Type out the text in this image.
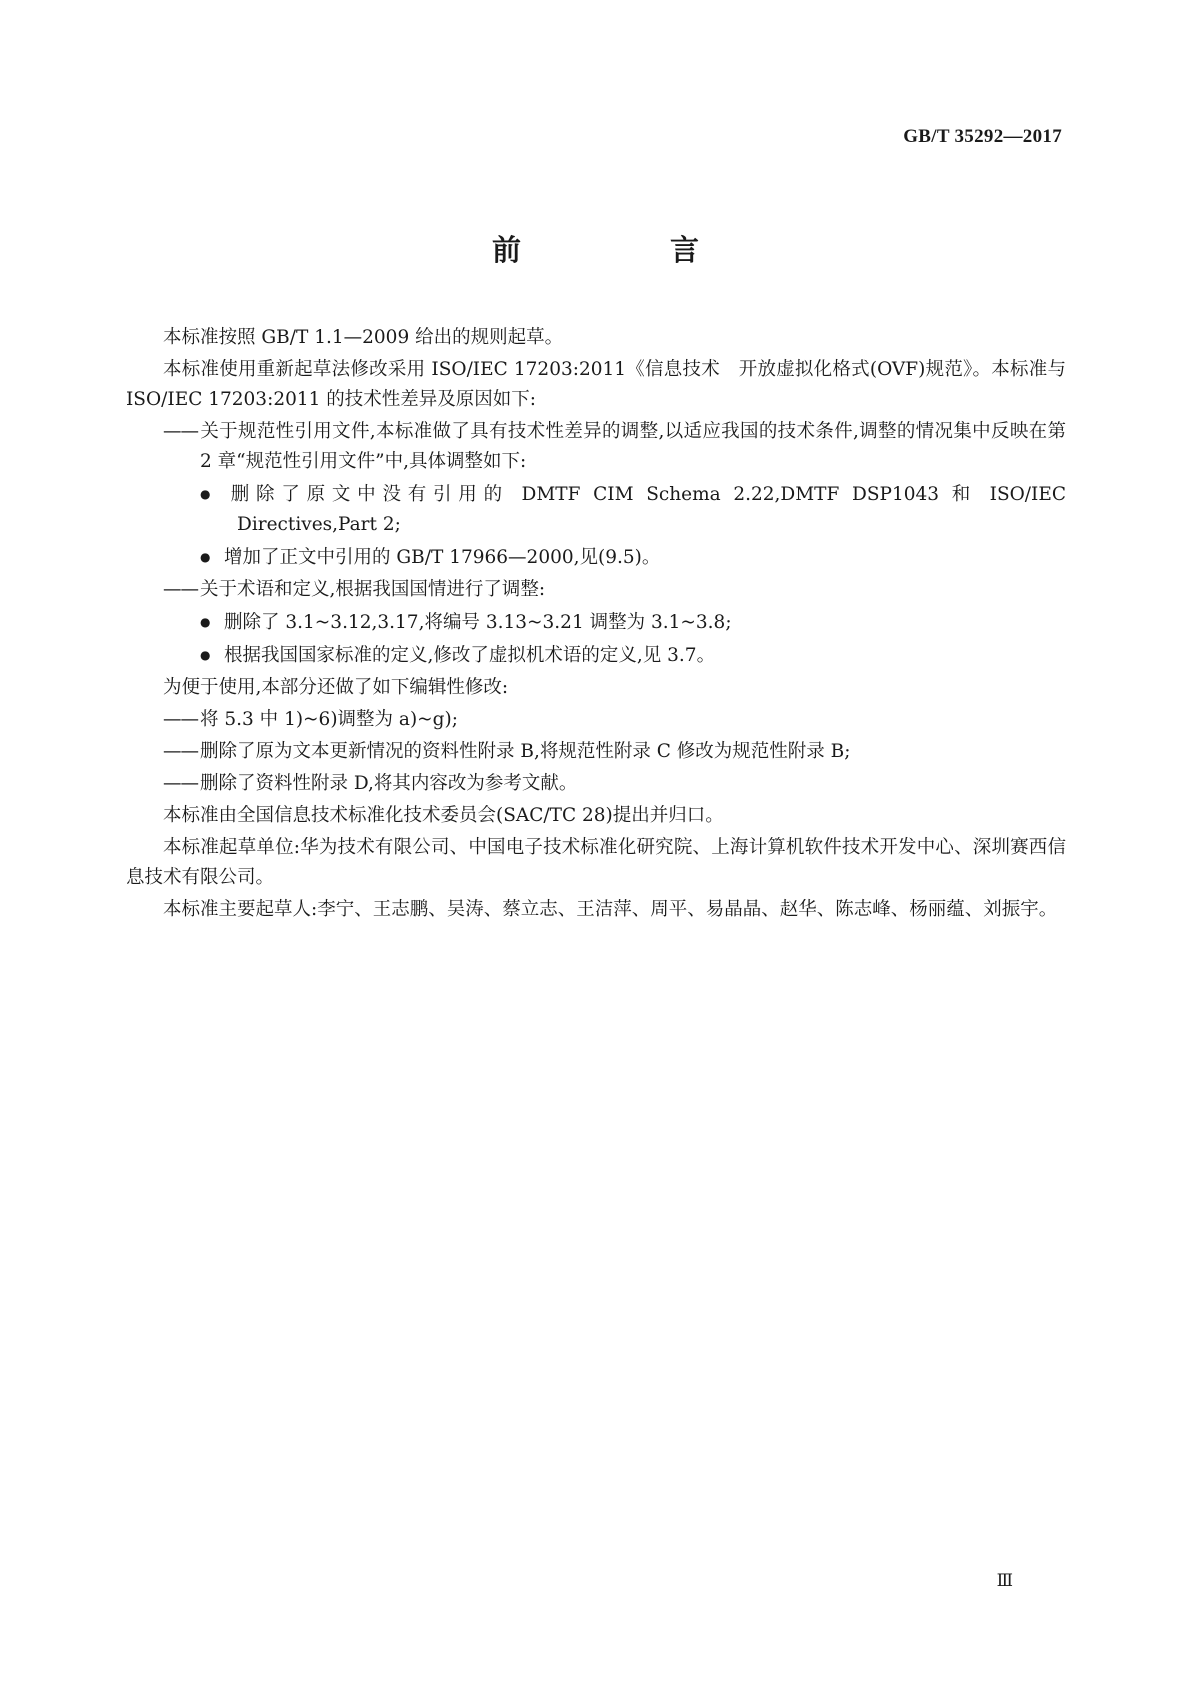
GB/T 35292—2017
前　言

本标准按照 GB/T 1.1—2009 给出的规则起草。

本标准使用重新起草法修改采用 ISO/IEC 17203:2011《信息技术　开放虚拟化格式(OVF)规范》。本标准与 ISO/IEC 17203:2011 的技术性差异及原因如下:

—— 关于规范性引用文件,本标准做了具有技术性差异的调整,以适应我国的技术条件,调整的情况集中反映在第 2 章“规范性引用文件”中,具体调整如下:

● 删除了原文中没有引用的 DMTF CIM Schema 2.22,DMTF DSP1043 和 ISO/IEC Directives,Part 2;

● 增加了正文中引用的 GB/T 17966—2000,见(9.5)。

—— 关于术语和定义,根据我国国情进行了调整:

● 删除了 3.1~3.12,3.17,将编号 3.13~3.21 调整为 3.1~3.8;

● 根据我国国家标准的定义,修改了虚拟机术语的定义,见 3.7。

为便于使用,本部分还做了如下编辑性修改:

—— 将 5.3 中 1)~6)调整为 a)~g);

—— 删除了原为文本更新情况的资料性附录 B,将规范性附录 C 修改为规范性附录 B;

—— 删除了资料性附录 D,将其内容改为参考文献。

本标准由全国信息技术标准化技术委员会(SAC/TC 28)提出并归口。

本标准起草单位:华为技术有限公司、中国电子技术标准化研究院、上海计算机软件技术开发中心、深圳赛西信息技术有限公司。

本标准主要起草人:李宁、王志鹏、吴涛、蔡立志、王洁萍、周平、易晶晶、赵华、陈志峰、杨丽蕴、刘振宇。

Ⅲ
